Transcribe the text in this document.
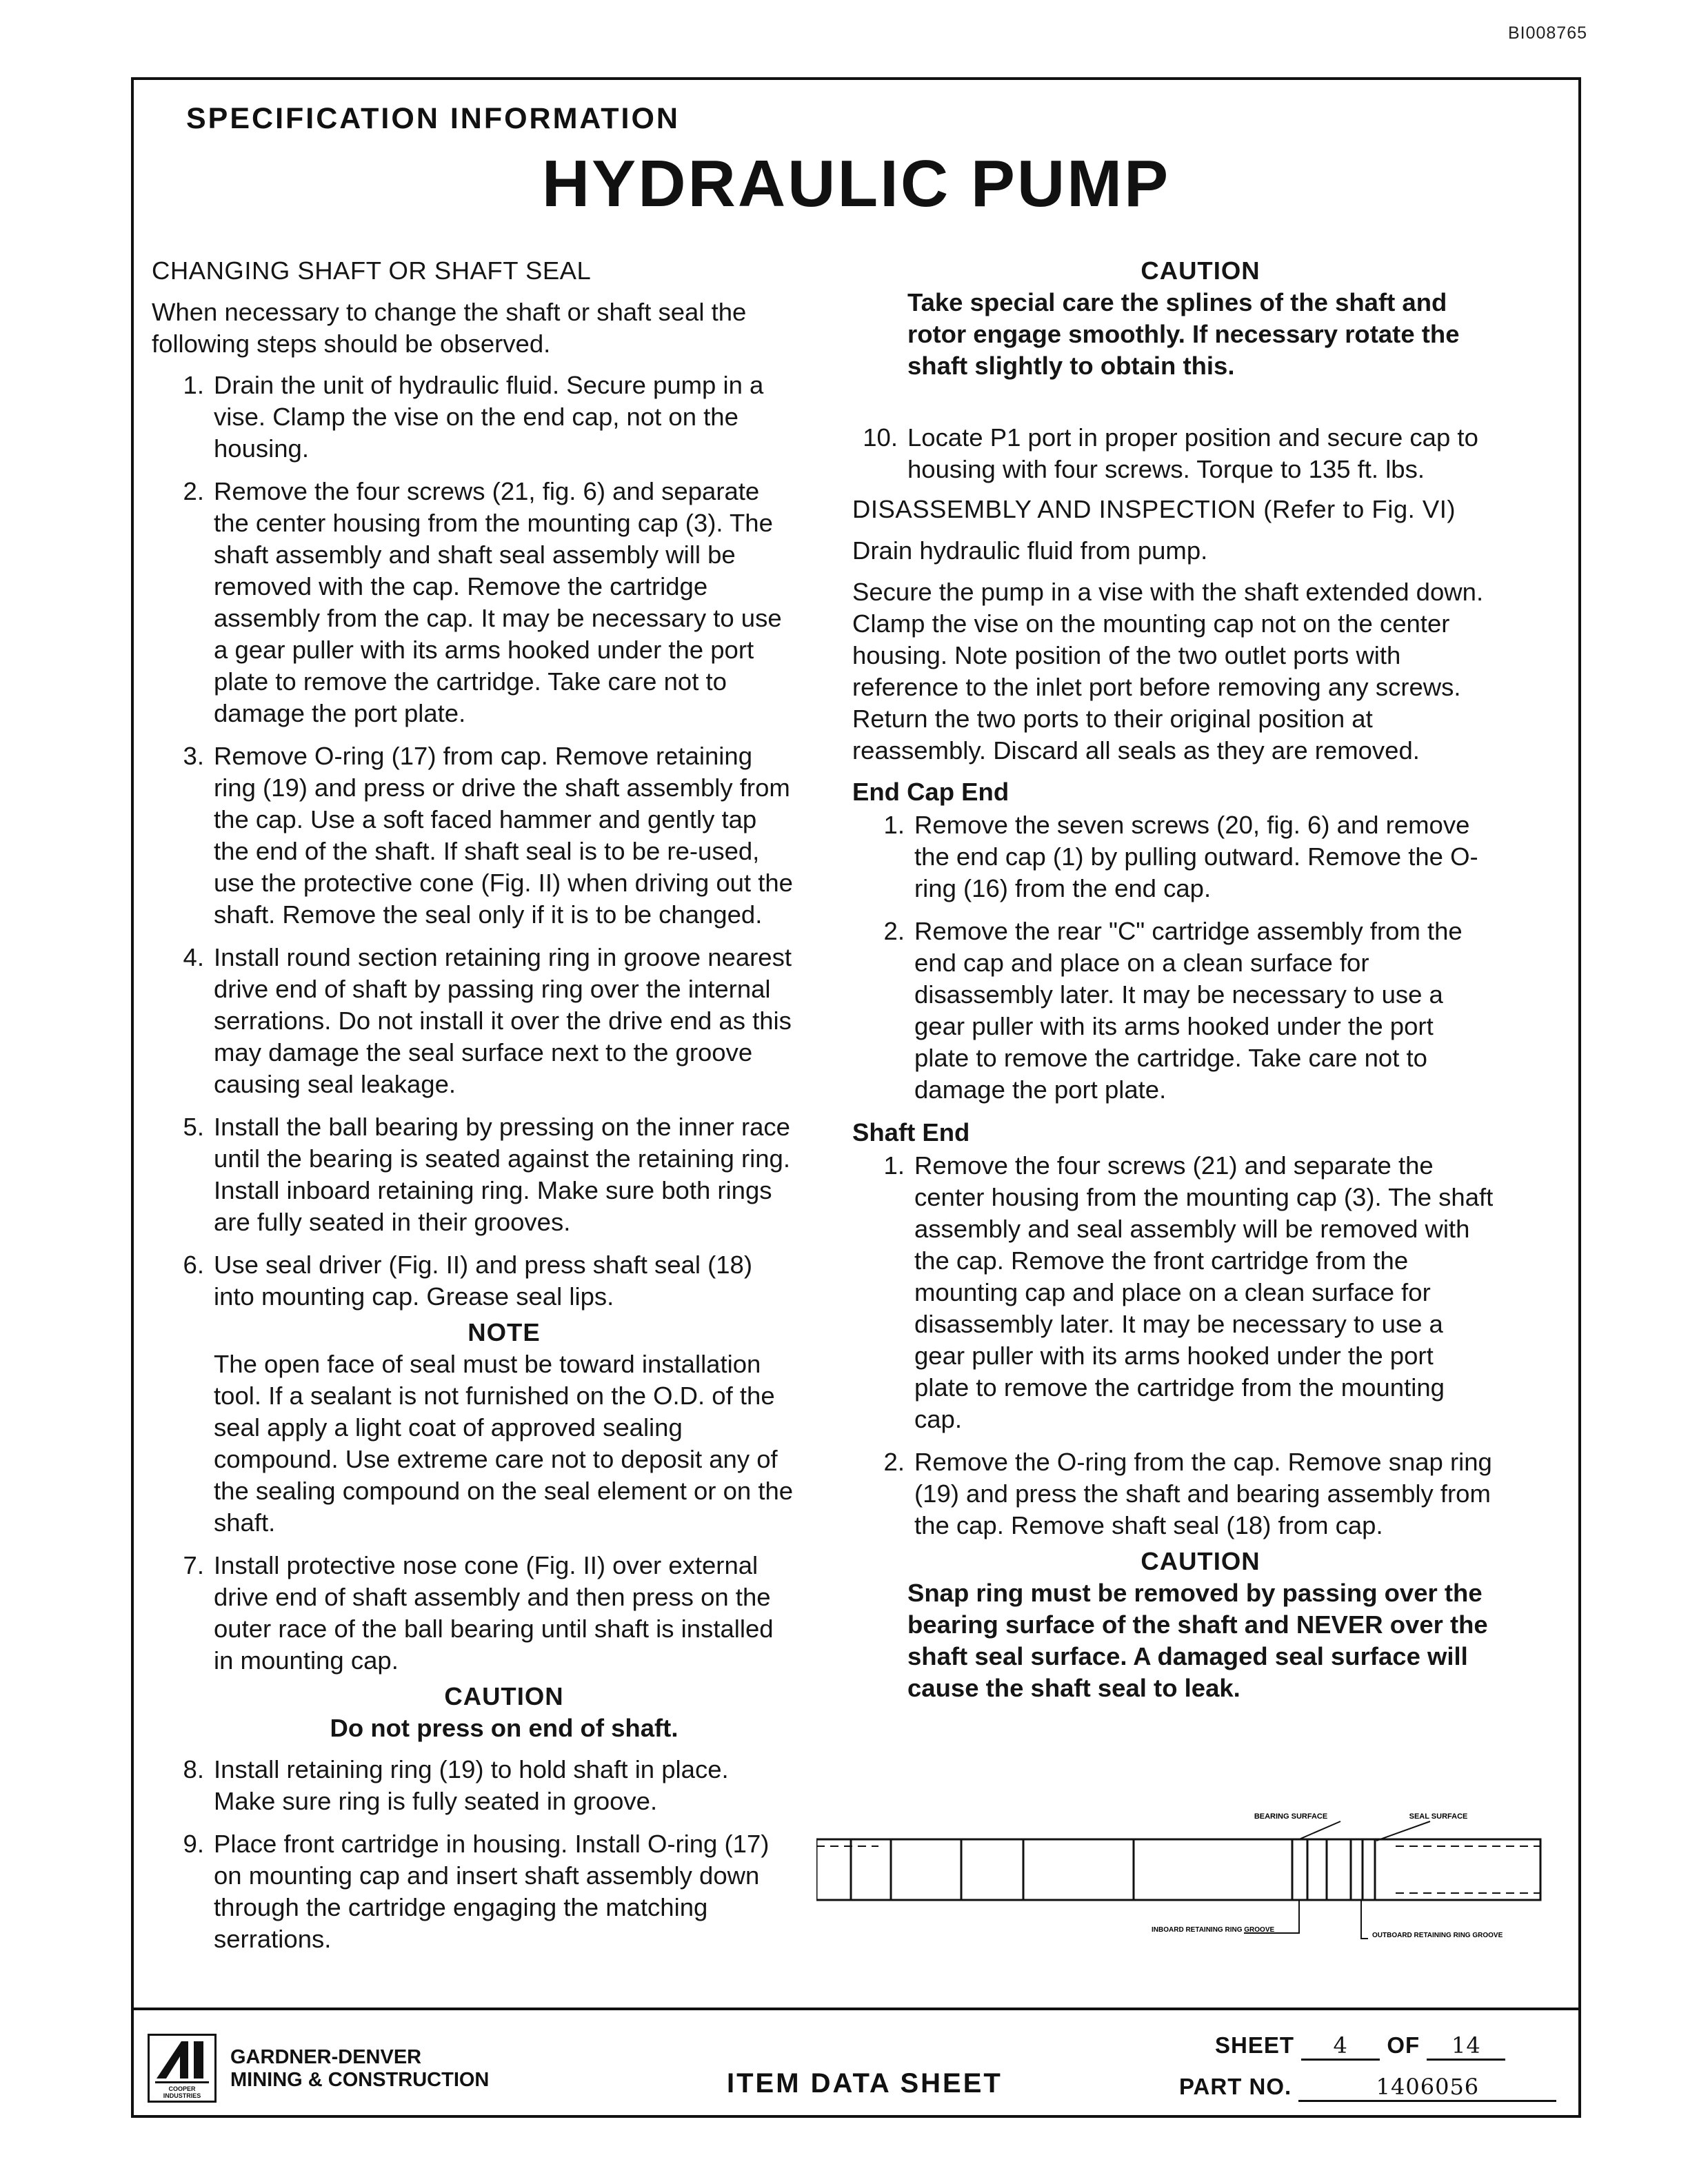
BI008765
SPECIFICATION INFORMATION
HYDRAULIC PUMP
CHANGING SHAFT OR SHAFT SEAL

When necessary to change the shaft or shaft seal the following steps should be observed.

1. Drain the unit of hydraulic fluid. Secure pump in a vise. Clamp the vise on the end cap, not on the housing.
2. Remove the four screws (21, fig. 6) and separate the center housing from the mounting cap (3). The shaft assembly and shaft seal assembly will be removed with the cap. Remove the cartridge assembly from the cap. It may be necessary to use a gear puller with its arms hooked under the port plate to remove the cartridge. Take care not to damage the port plate.
3. Remove O-ring (17) from cap. Remove retaining ring (19) and press or drive the shaft assembly from the cap. Use a soft faced hammer and gently tap the end of the shaft. If shaft seal is to be re-used, use the protective cone (Fig. II) when driving out the shaft. Remove the seal only if it is to be changed.
4. Install round section retaining ring in groove nearest drive end of shaft by passing ring over the internal serrations. Do not install it over the drive end as this may damage the seal surface next to the groove causing seal leakage.
5. Install the ball bearing by pressing on the inner race until the bearing is seated against the retaining ring. Install inboard retaining ring. Make sure both rings are fully seated in their grooves.
6. Use seal driver (Fig. II) and press shaft seal (18) into mounting cap. Grease seal lips.
NOTE
The open face of seal must be toward installation tool. If a sealant is not furnished on the O.D. of the seal apply a light coat of approved sealing compound. Use extreme care not to deposit any of the sealing compound on the seal element or on the shaft.
7. Install protective nose cone (Fig. II) over external drive end of shaft assembly and then press on the outer race of the ball bearing until shaft is installed in mounting cap.
CAUTION
Do not press on end of shaft.
8. Install retaining ring (19) to hold shaft in place. Make sure ring is fully seated in groove.
9. Place front cartridge in housing. Install O-ring (17) on mounting cap and insert shaft assembly down through the cartridge engaging the matching serrations.
CAUTION
Take special care the splines of the shaft and rotor engage smoothly. If necessary rotate the shaft slightly to obtain this.
10. Locate P1 port in proper position and secure cap to housing with four screws. Torque to 135 ft. lbs.
DISASSEMBLY AND INSPECTION (Refer to Fig. VI)

Drain hydraulic fluid from pump.

Secure the pump in a vise with the shaft extended down. Clamp the vise on the mounting cap not on the center housing. Note position of the two outlet ports with reference to the inlet port before removing any screws. Return the two ports to their original position at reassembly. Discard all seals as they are removed.

End Cap End
1. Remove the seven screws (20, fig. 6) and remove the end cap (1) by pulling outward. Remove the O-ring (16) from the end cap.
2. Remove the rear "C" cartridge assembly from the end cap and place on a clean surface for disassembly later. It may be necessary to use a gear puller with its arms hooked under the port plate to remove the cartridge. Take care not to damage the port plate.
Shaft End
1. Remove the four screws (21) and separate the center housing from the mounting cap (3). The shaft assembly and seal assembly will be removed with the cap. Remove the front cartridge from the mounting cap and place on a clean surface for disassembly later. It may be necessary to use a gear puller with its arms hooked under the port plate to remove the cartridge from the mounting cap.
2. Remove the O-ring from the cap. Remove snap ring (19) and press the shaft and bearing assembly from the cap. Remove shaft seal (18) from cap.
CAUTION
Snap ring must be removed by passing over the bearing surface of the shaft and NEVER over the shaft seal surface. A damaged seal surface will cause the shaft seal to leak.
BEARING SURFACE	SEAL SURFACE
INBOARD RETAINING RING GROOVE
OUTBOARD RETAINING RING GROOVE
COOPER INDUSTRIES
GARDNER-DENVER
MINING & CONSTRUCTION	ITEM DATA SHEET
SHEET 4 OF 14
PART NO.	1406056
